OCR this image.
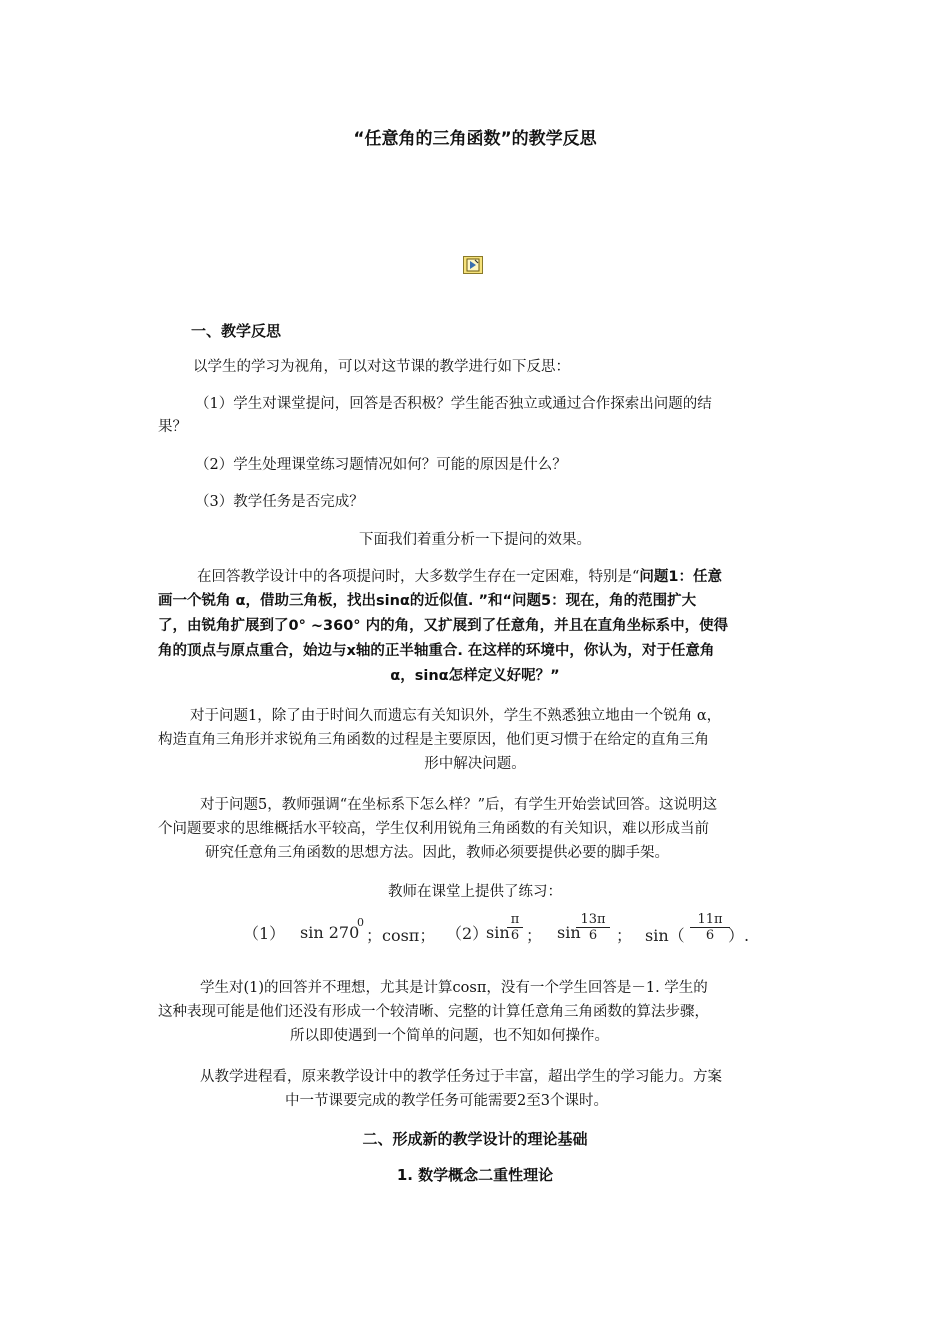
“任意角的三角函数”的教学反思
一、教学反思
以学生的学习为视角，可以对这节课的教学进行如下反思：
（1）学生对课堂提问，回答是否积极？学生能否独立或通过合作探索出问题的结
果？
（2）学生处理课堂练习题情况如何？可能的原因是什么？
（3）教学任务是否完成？
下面我们着重分析一下提问的效果。
在回答教学设计中的各项提问时，大多数学生存在一定困难，特别是“问题1：任意
画一个锐角 α，借助三角板，找出sinα的近似值. ”和“问题5：现在，角的范围扩大
了，由锐角扩展到了0° ~360° 内的角，又扩展到了任意角，并且在直角坐标系中，使得
角的顶点与原点重合，始边与x轴的正半轴重合. 在这样的环境中，你认为，对于任意角
α，sinα怎样定义好呢？”
对于问题1，除了由于时间久而遗忘有关知识外，学生不熟悉独立地由一个锐角 α，
构造直角三角形并求锐角三角函数的过程是主要原因，他们更习惯于在给定的直角三角
形中解决问题。
对于问题5，教师强调“在坐标系下怎么样？”后，有学生开始尝试回答。这说明这
个问题要求的思维概括水平较高，学生仅利用锐角三角函数的有关知识，难以形成当前
研究任意角三角函数的思想方法。因此，教师必须要提供必要的脚手架。
教师在课堂上提供了练习：
（1） sin 270
0
；cosπ； （2）
sin
$\frac{\pi}{6}$ ； sin
$\frac{13\pi}{6}$ ； $\sin( \frac{11\pi}{6}$
）.
学生对(1)的回答并不理想，尤其是计算cosπ，没有一个学生回答是－1. 学生的
这种表现可能是他们还没有形成一个较清晰、完整的计算任意角三角函数的算法步骤，
所以即使遇到一个简单的问题，也不知如何操作。
从教学进程看，原来教学设计中的教学任务过于丰富，超出学生的学习能力。方案
中一节课要完成的教学任务可能需要2至3个课时。
二、形成新的教学设计的理论基础
1. 数学概念二重性理论
